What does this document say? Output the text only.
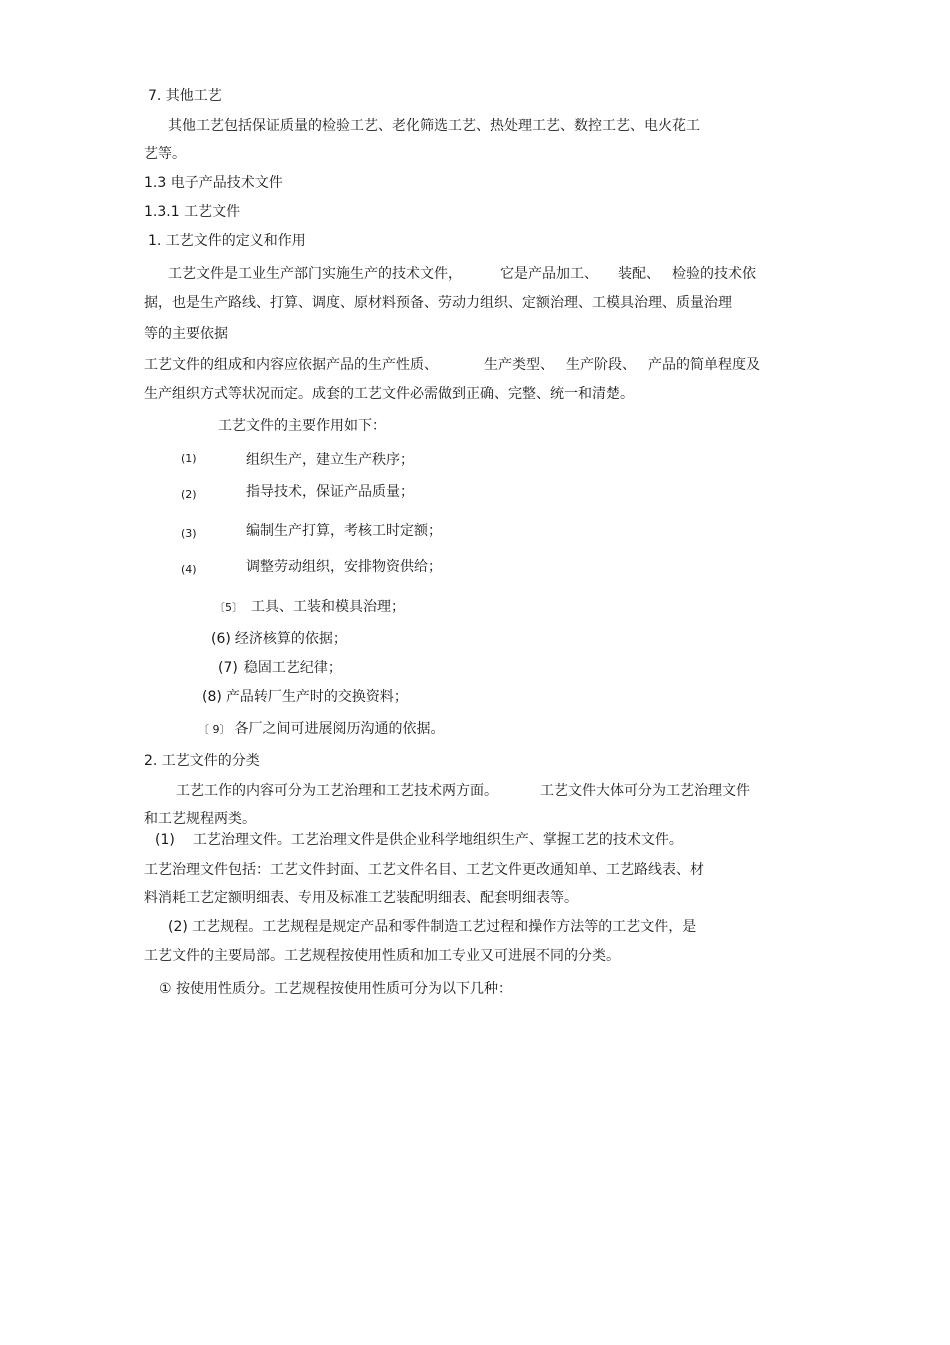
7. 其他工艺
其他工艺包括保证质量的检验工艺、老化筛选工艺、热处理工艺、数控工艺、电火花工
艺等。
1.3 电子产品技术文件
1.3.1 工艺文件
1. 工艺文件的定义和作用
工艺文件是工业生产部门实施生产的技术文件，	它是产品加工、 装配、 检验的技术依
据，也是生产路线、打算、调度、原材料预备、劳动力组织、定额治理、工模具治理、质量治理
等的主要依据
工艺文件的组成和内容应依据产品的生产性质、	生产类型、 生产阶段、 产品的简单程度及
生产组织方式等状况而定。成套的工艺文件必需做到正确、完整、统一和清楚。
工艺文件的主要作用如下：
(1)	组织生产，建立生产秩序；
(2)	指导技术，保证产品质量；
(3)	编制生产打算，考核工时定额；
(4)	调整劳动组织，安排物资供给；
〔5〕 工具、工装和模具治理；
(6) 经济核算的依据；
(7) 稳固工艺纪律；
(8) 产品转厂生产时的交换资料；
〔 9〕 各厂之间可进展阅历沟通的依据。
2. 工艺文件的分类
工艺工作的内容可分为工艺治理和工艺技术两方面。	工艺文件大体可分为工艺治理文件
和工艺规程两类。
(1) 工艺治理文件。工艺治理文件是供企业科学地组织生产、掌握工艺的技术文件。
工艺治理文件包括：工艺文件封面、工艺文件名目、工艺文件更改通知单、工艺路线表、材
料消耗工艺定额明细表、专用及标准工艺装配明细表、配套明细表等。
(2) 工艺规程。工艺规程是规定产品和零件制造工艺过程和操作方法等的工艺文件，是
工艺文件的主要局部。工艺规程按使用性质和加工专业又可进展不同的分类。
① 按使用性质分。工艺规程按使用性质可分为以下几种：
